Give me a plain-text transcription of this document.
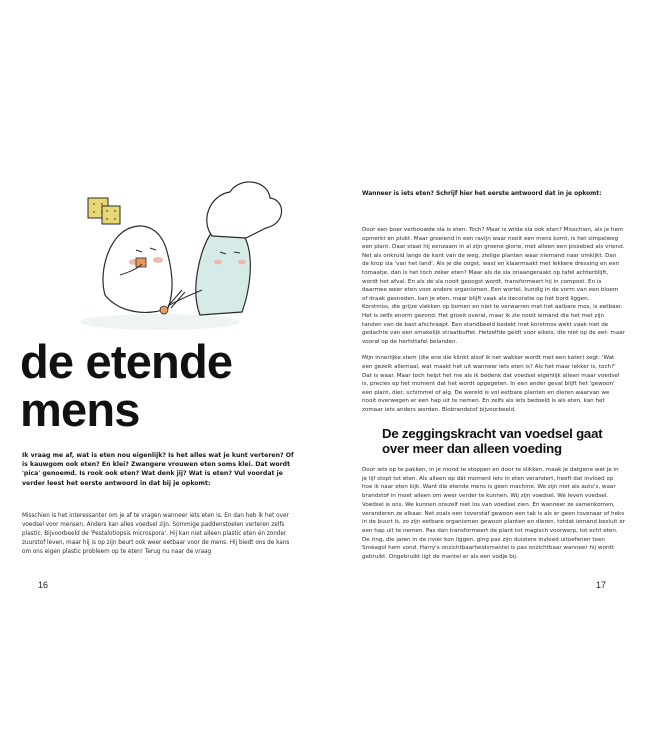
de etende
mens

Ik vraag me af, wat is eten nou eigenlijk? Is het alles wat je kunt verteren? Of is kauwgom ook eten? En klei? Zwangere vrouwen eten soms klei. Dat wordt 'pica' genoemd. Is rook ook eten? Wat denk jij? Wat is eten? Vul voordat je verder leest het eerste antwoord in dat bij je opkomt:

Misschien is het interessanter om je af te vragen wanneer iets eten is. En dan heb ik het over voedsel voor mensen. Anders kan alles voedsel zijn. Sommige paddenstoelen verteren zelfs plastic. Bijvoorbeeld de 'Pestalotiopsis microspora'. Hij kan niet alleen plastic eten én zonder zuurstof leven, maar hij is op zijn beurt ook weer eetbaar voor de mens. Hij biedt ons de kans om ons eigen plastic probleem op te eten! Terug nu naar de vraag

16

Wanneer is iets eten? Schrijf hier het eerste antwoord dat in je opkomt:

Door een boer verbouwde sla is eten. Toch? Maar is wilde sla ook eten? Misschien, als je hem opmerkt en plukt. Maar groeiend in een ravijn waar nooit een mens komt, is het simpelweg een plant. Daar staat hij eenzaam in al zijn groene glorie, met alleen een pissebed als vriend. Net als onkruid langs de kant van de weg, zielige planten waar niemand naar omkijkt. Dan de krop sla 'van het land'. Als je die oogst, wast en klaarmaakt met lekkere dressing en een tomaatje, dan is het toch zéker eten? Maar als de sla onaangeraakt op tafel achterblijft, wordt het afval. En als de sla nooit geoogst wordt, transformeert hij in compost. En is daarmee weer eten voor andere organismen. Een wortel, kundig in de vorm van een bloem of draak gesneden, kan je eten, maar blijft vaak als decoratie op het bord liggen.

Korstmos, die grijze vlekken op bomen en niet te verwarren met het aaibare mos, is eetbaar. Het is zelfs enorm gezond. Het groeit overal, maar ik zie nooit iemand die het met zijn tanden van de bast afschraapt. Een standbeeld bedekt met korstmos wekt vaak niet de gedachte van een smakelijk straatbuffet. Hetzelfde geldt voor eikels, die niet op de eet- maar vooral op de herfsttafel belanden.

Mijn innerlijke stem (die ene die klinkt alsof ik net wakker wordt met een kater) zegt: 'Wat een gezeik allemaal, wat maakt het uit wanneer iets eten is? Als het maar lekker is, toch?' Dat is waar. Maar toch helpt het me als ik bedenk dat voedsel eigenlijk alleen maar voedsel is, precies op het moment dat het wordt opgegeten. In een ander geval blijft het 'gewoon' een plant, dier, schimmel of alg. De wereld is vol eetbare planten en dieren waarvan we nooit overwegen er een hap uit te nemen. En zelfs als iets bedoeld is als eten, kan het zomaar iets anders worden. Biobrandstof bijvoorbeeld.

De zeggingskracht van voedsel gaat over meer dan alleen voeding

Door iets op te pakken, in je mond te stoppen en door te slikken, maak je datgene wat je in je lijf stopt tot eten. Als alleen op dát moment iets in eten verandert, heeft dat invloed op hoe ik naar eten kijk. Want die etende mens is geen machine. We zijn niet als auto's, waar brandstof in moet alleen om weer verder te kunnen. Wij zijn voedsel. We leven voedsel. Voedsel is ons. We kunnen onszelf niet los van voedsel zien. En wanneer ze samenkomen, veranderen ze elkaar. Net zoals een toverstaf gewoon een tak is als er geen tovenaar of heks in de buurt is, zo zijn eetbare organismen gewoon planten en dieren, totdat iemand besluit er een hap uit te nemen. Pas dan transformeert de plant tot magisch voorwerp, tot echt eten. De ring, die jaren in de rivier kon liggen, ging pas zijn duistere invloed uitoefenen toen Sméagol hem vond. Harry's onzichtbaarheidsmantel is pas onzichtbaar wanneer hij wordt gebruikt. Ongebruikt ligt de mantel er als een vodje bij.

17
